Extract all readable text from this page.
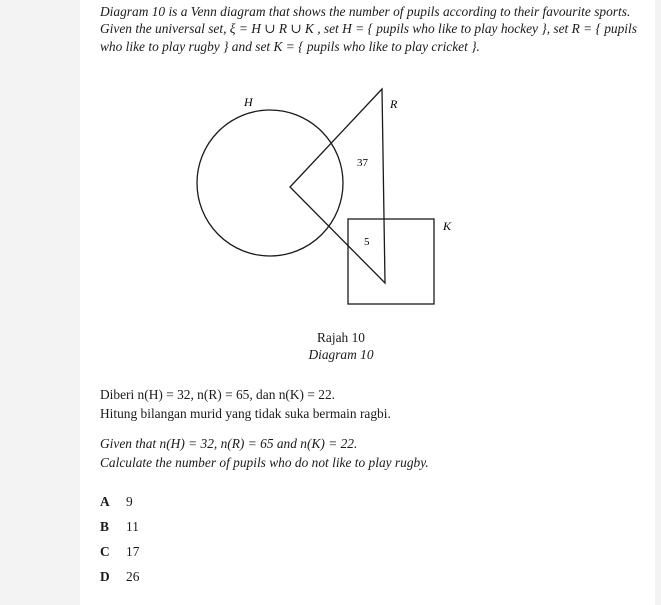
Diagram 10 is a Venn diagram that shows the number of pupils according to their favourite sports. Given the universal set, ξ = H ∪ R ∪ K , set H = { pupils who like to play hockey }, set R = { pupils who like to play rugby } and set K = { pupils who like to play cricket }.
H	R
K
37
5
Rajah 10
Diagram 10
Diberi n(H) = 32, n(R) = 65, dan n(K) = 22.
Hitung bilangan murid yang tidak suka bermain ragbi.
Given that n(H) = 32, n(R) = 65 and n(K) = 22.
Calculate the number of pupils who do not like to play rugby.
A 9
B 11
C 17
D 26
